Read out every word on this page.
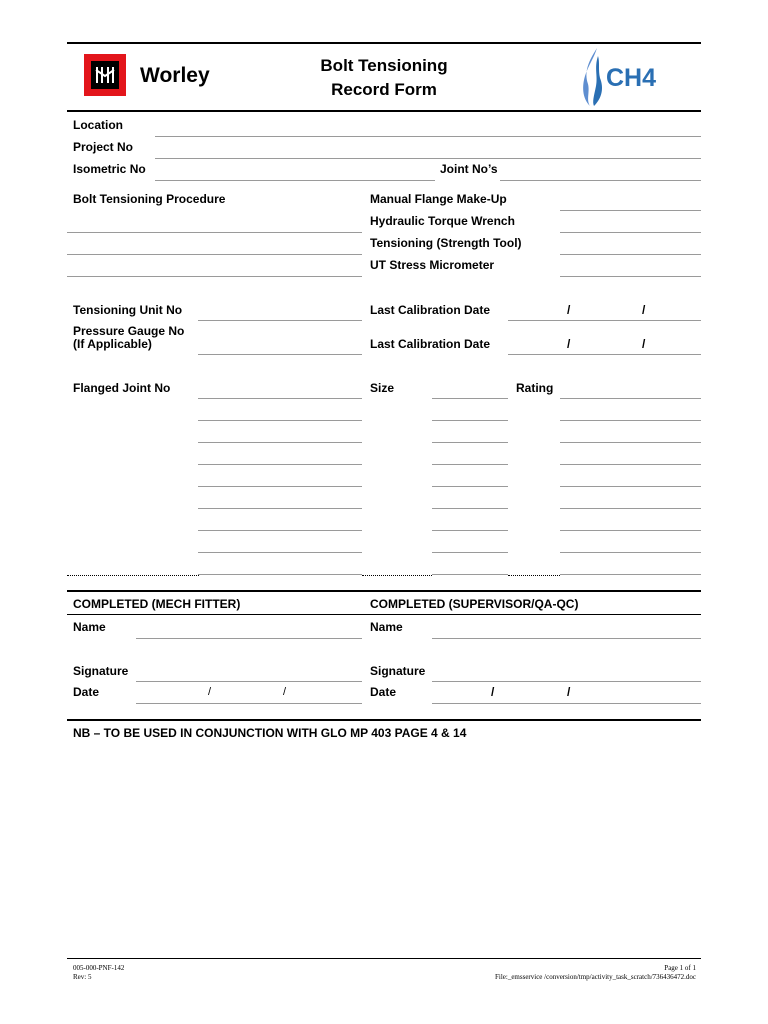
Worley	Bolt Tensioning
Record Form	CH4
Location
Project No
Isometric No	Joint No’s
Bolt Tensioning Procedure	Manual Flange Make-Up
Hydraulic Torque Wrench
Tensioning (Strength Tool)
UT Stress Micrometer
Tensioning Unit No	Last Calibration Date	/	/
Pressure Gauge No
(If Applicable)	Last Calibration Date	/	/
Flanged Joint No	Size	Rating
COMPLETED (MECH FITTER)	COMPLETED (SUPERVISOR/QA-QC)
Name	Name
Signature	Signature
Date	/	/	Date	/	/
NB – TO BE USED IN CONJUNCTION WITH GLO MP 403 PAGE 4 & 14
005-000-PNF-142
Rev: 5
Page 1 of 1
File:_emsservice /conversion/tmp/activity_task_scratch/736436472.doc
